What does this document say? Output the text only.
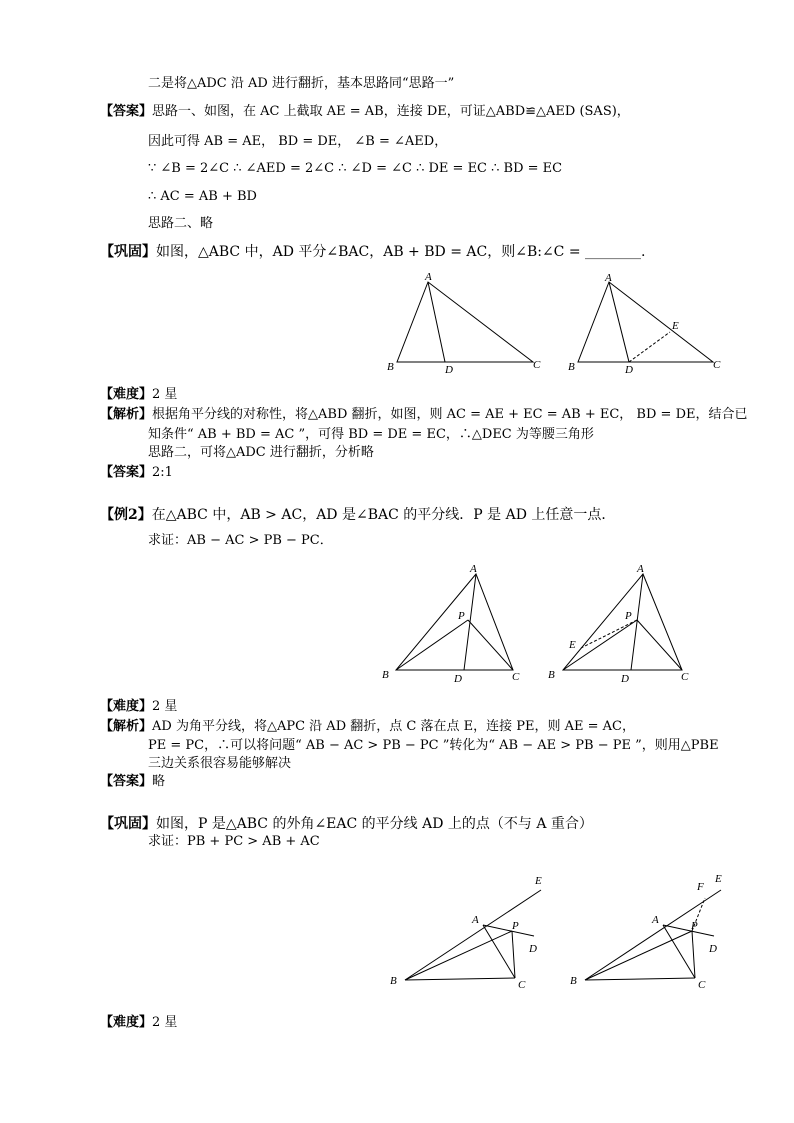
二是将△ADC 沿 AD 进行翻折，基本思路同“思路一”
【答案】思路一、如图，在 AC 上截取 AE = AB，连接 DE，可证△ABD≌△AED (SAS)，
因此可得 AB = AE， BD = DE， ∠B = ∠AED，
∵ ∠B = 2∠C ∴ ∠AED = 2∠C ∴ ∠D = ∠C ∴ DE = EC ∴ BD = EC
∴ AC = AB + BD
思路二、略
【巩固】如图，△ABC 中，AD 平分∠BAC，AB + BD = AC，则∠B:∠C = ________.
A
B	D	C
A
E
B	D	C
【难度】2 星
【解析】根据角平分线的对称性，将△ABD 翻折，如图，则 AC = AE + EC = AB + EC， BD = DE，结合已
知条件“ AB + BD = AC ”，可得 BD = DE = EC，∴△DEC 为等腰三角形
思路二，可将△ADC 进行翻折，分析略
【答案】2:1
【例2】在△ABC 中，AB > AC，AD 是∠BAC 的平分线．P 是 AD 上任意一点．
求证：AB − AC > PB − PC．
A
P
B	D	C
A
P
E
B	D	C
【难度】2 星
【解析】AD 为角平分线，将△APC 沿 AD 翻折，点 C 落在点 E，连接 PE，则 AE = AC，
PE = PC，∴可以将问题“ AB − AC > PB − PC ”转化为“ AB − AE > PB − PE ”，则用△PBE
三边关系很容易能够解决
【答案】略
【巩固】如图，P 是△ABC 的外角∠EAC 的平分线 AD 上的点（不与 A 重合）
求证：PB + PC > AB + AC
E
A	P
D
B	C
F
E
A	P
D
B	C
【难度】2 星
